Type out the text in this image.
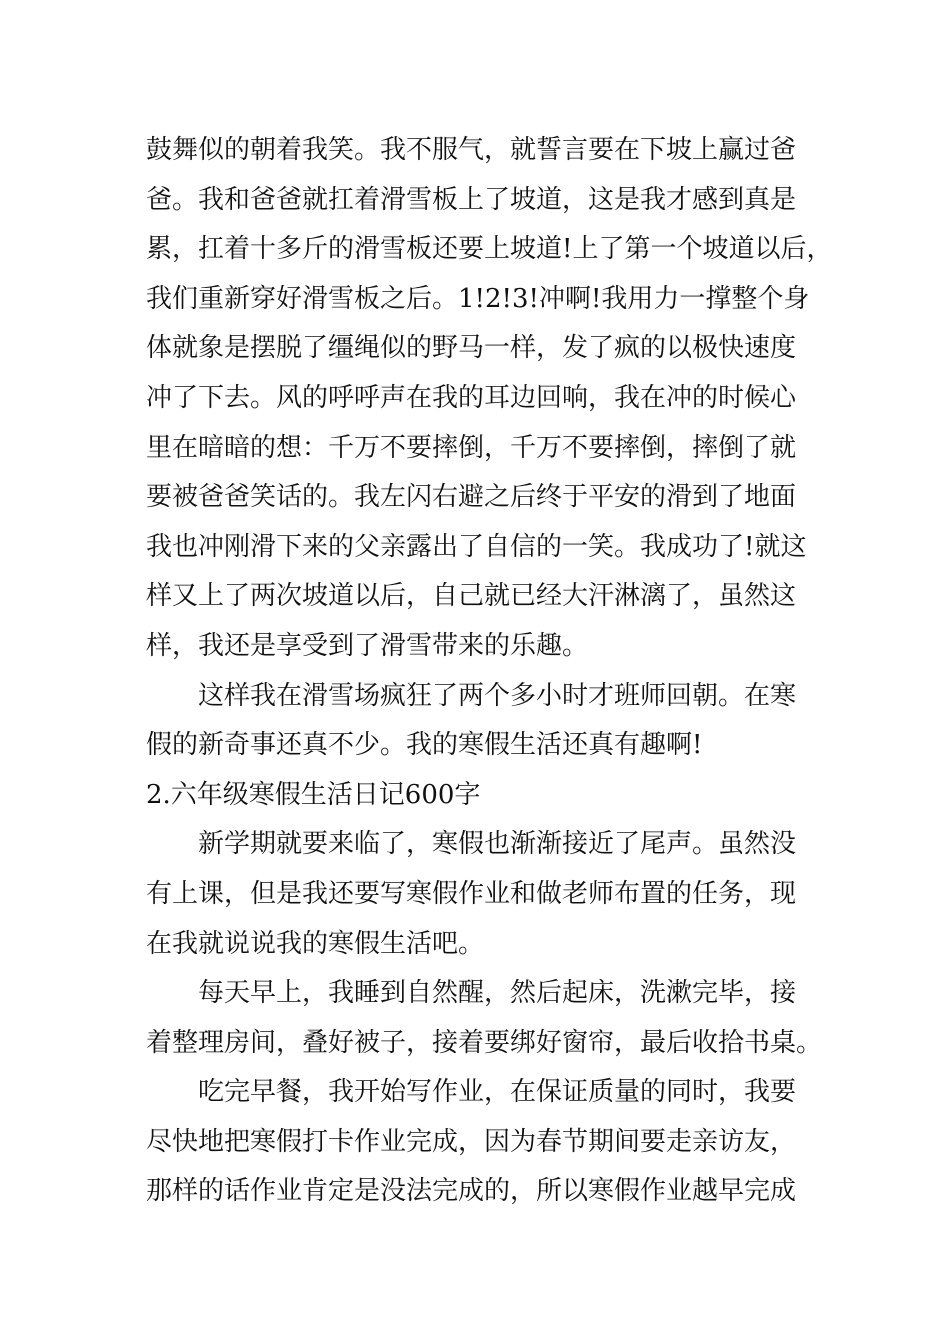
鼓舞似的朝着我笑。我不服气，就誓言要在下坡上赢过爸
爸。我和爸爸就扛着滑雪板上了坡道，这是我才感到真是
累，扛着十多斤的滑雪板还要上坡道!上了第一个坡道以后，
我们重新穿好滑雪板之后。1!2!3!冲啊!我用力一撑整个身
体就象是摆脱了缰绳似的野马一样，发了疯的以极快速度
冲了下去。风的呼呼声在我的耳边回响，我在冲的时候心
里在暗暗的想：千万不要摔倒，千万不要摔倒，摔倒了就
要被爸爸笑话的。我左闪右避之后终于平安的滑到了地面
我也冲刚滑下来的父亲露出了自信的一笑。我成功了!就这
样又上了两次坡道以后，自己就已经大汗淋漓了，虽然这
样，我还是享受到了滑雪带来的乐趣。
这样我在滑雪场疯狂了两个多小时才班师回朝。在寒
假的新奇事还真不少。我的寒假生活还真有趣啊!
2.六年级寒假生活日记600字
新学期就要来临了，寒假也渐渐接近了尾声。虽然没
有上课，但是我还要写寒假作业和做老师布置的任务，现
在我就说说我的寒假生活吧。
每天早上，我睡到自然醒，然后起床，洗漱完毕，接
着整理房间，叠好被子，接着要绑好窗帘，最后收拾书桌。
吃完早餐，我开始写作业，在保证质量的同时，我要
尽快地把寒假打卡作业完成，因为春节期间要走亲访友，
那样的话作业肯定是没法完成的，所以寒假作业越早完成
